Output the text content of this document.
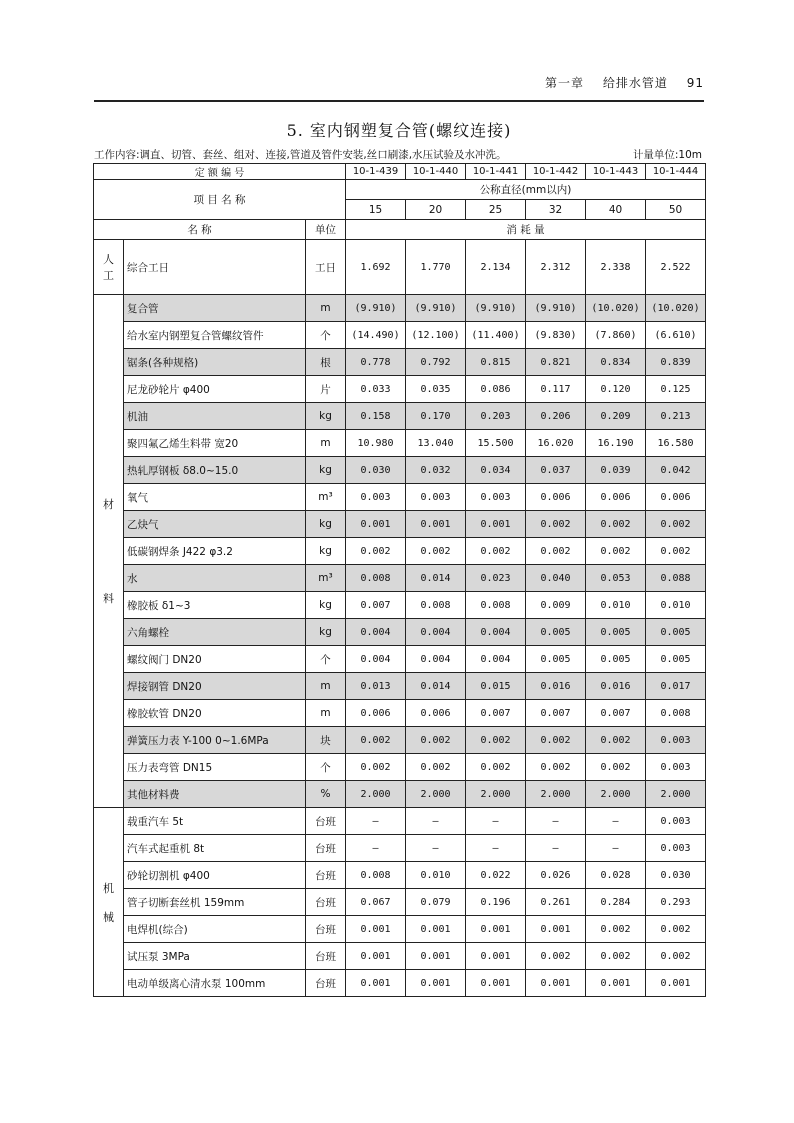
第一章 给排水管道 91
5. 室内钢塑复合管(螺纹连接)
工作内容:调直、切管、套丝、组对、连接,管道及管件安装,丝口刷漆,水压试验及水冲洗。	计量单位:10m
定 额 编 号			10-1-439	10-1-440	10-1-441	10-1-442	10-1-443	10-1-444
项 目 名 称			公称直径(mm以内)					
			15	20	25	32	40	50
名 称		单位	消 耗 量					
人
工	综合工日	工日	1.692	1.770	2.134	2.312	2.338	2.522
材

料	复合管	m	(9.910)	(9.910)	(9.910)	(9.910)	(10.020)	(10.020)
	给水室内钢塑复合管螺纹管件	个	(14.490)	(12.100)	(11.400)	(9.830)	(7.860)	(6.610)
	锯条(各种规格)	根	0.778	0.792	0.815	0.821	0.834	0.839
	尼龙砂轮片 φ400	片	0.033	0.035	0.086	0.117	0.120	0.125
	机油	kg	0.158	0.170	0.203	0.206	0.209	0.213
	聚四氟乙烯生料带 宽20	m	10.980	13.040	15.500	16.020	16.190	16.580
	热轧厚钢板 δ8.0~15.0	kg	0.030	0.032	0.034	0.037	0.039	0.042
	氧气	m³	0.003	0.003	0.003	0.006	0.006	0.006
	乙炔气	kg	0.001	0.001	0.001	0.002	0.002	0.002
	低碳钢焊条 J422 φ3.2	kg	0.002	0.002	0.002	0.002	0.002	0.002
	水	m³	0.008	0.014	0.023	0.040	0.053	0.088
	橡胶板 δ1~3	kg	0.007	0.008	0.008	0.009	0.010	0.010
	六角螺栓	kg	0.004	0.004	0.004	0.005	0.005	0.005
	螺纹阀门 DN20	个	0.004	0.004	0.004	0.005	0.005	0.005
	焊接钢管 DN20	m	0.013	0.014	0.015	0.016	0.016	0.017
	橡胶软管 DN20	m	0.006	0.006	0.007	0.007	0.007	0.008
	弹簧压力表 Y-100 0~1.6MPa	块	0.002	0.002	0.002	0.002	0.002	0.003
	压力表弯管 DN15	个	0.002	0.002	0.002	0.002	0.002	0.003
	其他材料费	%	2.000	2.000	2.000	2.000	2.000	2.000
机

械	载重汽车 5t	台班	—	—	—	—	—	0.003
	汽车式起重机 8t	台班	—	—	—	—	—	0.003
	砂轮切割机 φ400	台班	0.008	0.010	0.022	0.026	0.028	0.030
	管子切断套丝机 159mm	台班	0.067	0.079	0.196	0.261	0.284	0.293
	电焊机(综合)	台班	0.001	0.001	0.001	0.001	0.002	0.002
	试压泵 3MPa	台班	0.001	0.001	0.001	0.002	0.002	0.002
	电动单级离心清水泵 100mm	台班	0.001	0.001	0.001	0.001	0.001	0.001
